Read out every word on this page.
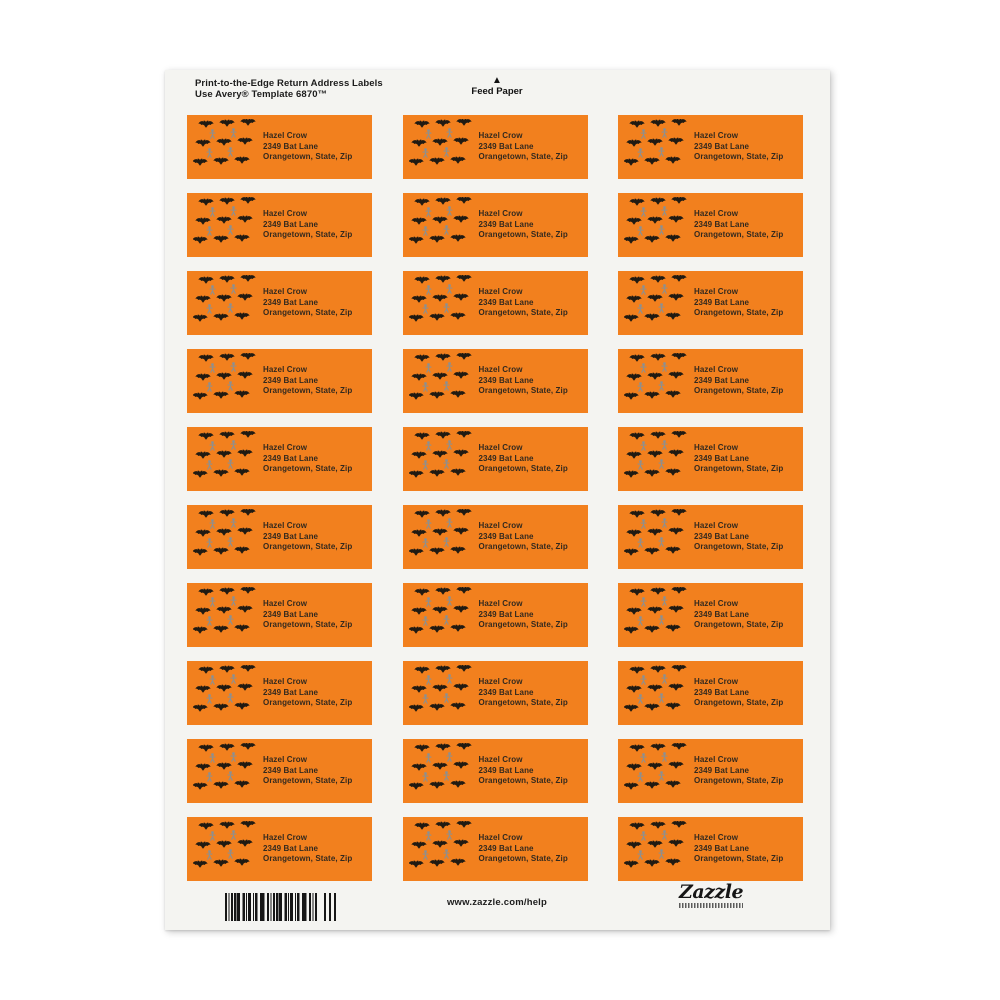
Print-to-the-Edge Return Address Labels
Use Avery® Template 6870™
▲
Feed Paper
Hazel Crow
2349 Bat Lane
Orangetown, State, Zip
Hazel Crow
2349 Bat Lane
Orangetown, State, Zip
Hazel Crow
2349 Bat Lane
Orangetown, State, Zip
Hazel Crow
2349 Bat Lane
Orangetown, State, Zip
Hazel Crow
2349 Bat Lane
Orangetown, State, Zip
Hazel Crow
2349 Bat Lane
Orangetown, State, Zip
Hazel Crow
2349 Bat Lane
Orangetown, State, Zip
Hazel Crow
2349 Bat Lane
Orangetown, State, Zip
Hazel Crow
2349 Bat Lane
Orangetown, State, Zip
Hazel Crow
2349 Bat Lane
Orangetown, State, Zip
Hazel Crow
2349 Bat Lane
Orangetown, State, Zip
Hazel Crow
2349 Bat Lane
Orangetown, State, Zip
Hazel Crow
2349 Bat Lane
Orangetown, State, Zip
Hazel Crow
2349 Bat Lane
Orangetown, State, Zip
Hazel Crow
2349 Bat Lane
Orangetown, State, Zip
Hazel Crow
2349 Bat Lane
Orangetown, State, Zip
Hazel Crow
2349 Bat Lane
Orangetown, State, Zip
Hazel Crow
2349 Bat Lane
Orangetown, State, Zip
Hazel Crow
2349 Bat Lane
Orangetown, State, Zip
Hazel Crow
2349 Bat Lane
Orangetown, State, Zip
Hazel Crow
2349 Bat Lane
Orangetown, State, Zip
Hazel Crow
2349 Bat Lane
Orangetown, State, Zip
Hazel Crow
2349 Bat Lane
Orangetown, State, Zip
Hazel Crow
2349 Bat Lane
Orangetown, State, Zip
Hazel Crow
2349 Bat Lane
Orangetown, State, Zip
Hazel Crow
2349 Bat Lane
Orangetown, State, Zip
Hazel Crow
2349 Bat Lane
Orangetown, State, Zip
Hazel Crow
2349 Bat Lane
Orangetown, State, Zip
Hazel Crow
2349 Bat Lane
Orangetown, State, Zip
Hazel Crow
2349 Bat Lane
Orangetown, State, Zip
www.zazzle.com/help	Zazzle
